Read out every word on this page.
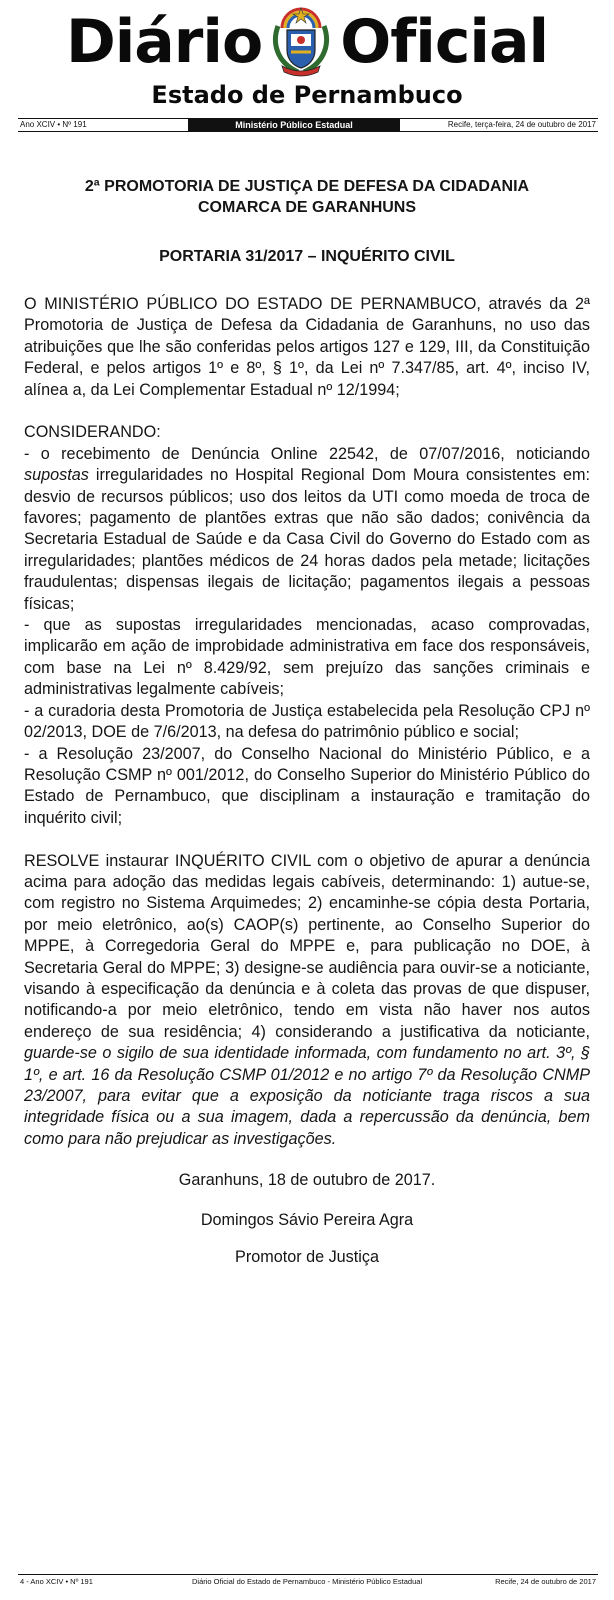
Diário Oficial
Estado de Pernambuco
Ano XCIV • Nº 191	Ministério Público Estadual	Recife, terça-feira, 24 de outubro de 2017

2ª PROMOTORIA DE JUSTIÇA DE DEFESA DA CIDADANIA

COMARCA DE GARANHUNS

PORTARIA 31/2017 – INQUÉRITO CIVIL

O MINISTÉRIO PÚBLICO DO ESTADO DE PERNAMBUCO, através da 2ª Promotoria de Justiça de Defesa da Cidadania de Garanhuns, no uso das atribuições que lhe são conferidas pelos artigos 127 e 129, III, da Constituição Federal, e pelos artigos 1º e 8º, § 1º, da Lei nº 7.347/85, art. 4º, inciso IV, alínea a, da Lei Complementar Estadual nº 12/1994;

CONSIDERANDO:

- o recebimento de Denúncia Online 22542, de 07/07/2016, noticiando supostas irregularidades no Hospital Regional Dom Moura consistentes em: desvio de recursos públicos; uso dos leitos da UTI como moeda de troca de favores; pagamento de plantões extras que não são dados; conivência da Secretaria Estadual de Saúde e da Casa Civil do Governo do Estado com as irregularidades; plantões médicos de 24 horas dados pela metade; licitações fraudulentas; dispensas ilegais de licitação; pagamentos ilegais a pessoas físicas;

- que as supostas irregularidades mencionadas, acaso comprovadas, implicarão em ação de improbidade administrativa em face dos responsáveis, com base na Lei nº 8.429/92, sem prejuízo das sanções criminais e administrativas legalmente cabíveis;

- a curadoria desta Promotoria de Justiça estabelecida pela Resolução CPJ nº 02/2013, DOE de 7/6/2013, na defesa do patrimônio público e social;

- a Resolução 23/2007, do Conselho Nacional do Ministério Público, e a Resolução CSMP nº 001/2012, do Conselho Superior do Ministério Público do Estado de Pernambuco, que disciplinam a instauração e tramitação do inquérito civil;

RESOLVE instaurar INQUÉRITO CIVIL com o objetivo de apurar a denúncia acima para adoção das medidas legais cabíveis, determinando: 1) autue-se, com registro no Sistema Arquimedes; 2) encaminhe-se cópia desta Portaria, por meio eletrônico, ao(s) CAOP(s) pertinente, ao Conselho Superior do MPPE, à Corregedoria Geral do MPPE e, para publicação no DOE, à Secretaria Geral do MPPE; 3) designe-se audiência para ouvir-se a noticiante, visando à especificação da denúncia e à coleta das provas de que dispuser, notificando-a por meio eletrônico, tendo em vista não haver nos autos endereço de sua residência; 4) considerando a justificativa da noticiante, guarde-se o sigilo de sua identidade informada, com fundamento no art. 3º, § 1º, e art. 16 da Resolução CSMP 01/2012 e no artigo 7º da Resolução CNMP 23/2007, para evitar que a exposição da noticiante traga riscos a sua integridade física ou a sua imagem, dada a repercussão da denúncia, bem como para não prejudicar as investigações.

Garanhuns, 18 de outubro de 2017.

Domingos Sávio Pereira Agra

Promotor de Justiça

4 - Ano XCIV • Nº 191	Diário Oficial do Estado de Pernambuco - Ministério Público Estadual	Recife, 24 de outubro de 2017
